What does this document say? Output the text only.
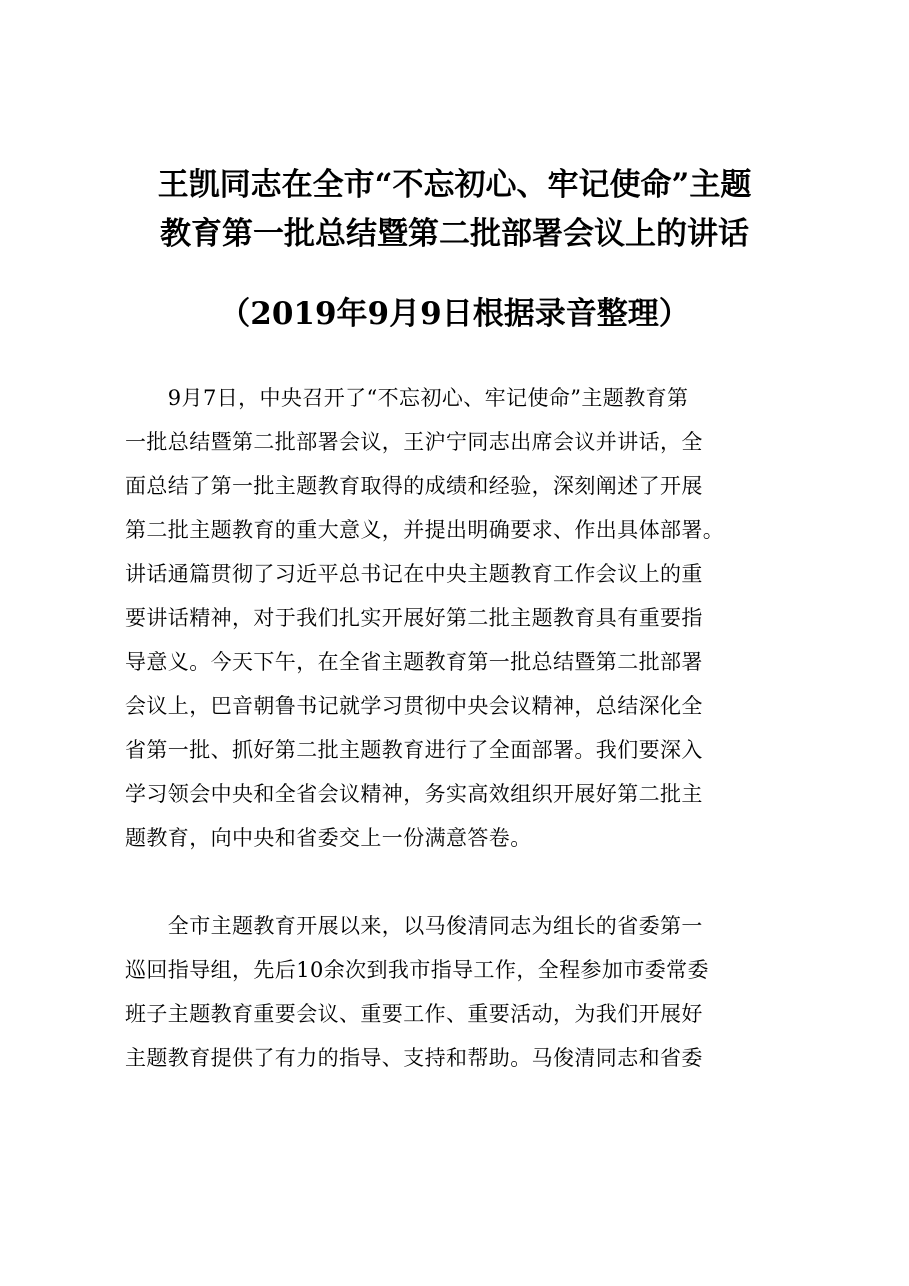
王凯同志在全市“不忘初心、牢记使命”主题
教育第一批总结暨第二批部署会议上的讲话
（2019年9月9日根据录音整理）
　　9月7日，中央召开了“不忘初心、牢记使命”主题教育第
一批总结暨第二批部署会议，王沪宁同志出席会议并讲话，全
面总结了第一批主题教育取得的成绩和经验，深刻阐述了开展
第二批主题教育的重大意义，并提出明确要求、作出具体部署。
讲话通篇贯彻了习近平总书记在中央主题教育工作会议上的重
要讲话精神，对于我们扎实开展好第二批主题教育具有重要指
导意义。今天下午，在全省主题教育第一批总结暨第二批部署
会议上，巴音朝鲁书记就学习贯彻中央会议精神，总结深化全
省第一批、抓好第二批主题教育进行了全面部署。我们要深入
学习领会中央和全省会议精神，务实高效组织开展好第二批主
题教育，向中央和省委交上一份满意答卷。
　　全市主题教育开展以来，以马俊清同志为组长的省委第一
巡回指导组，先后10余次到我市指导工作，全程参加市委常委
班子主题教育重要会议、重要工作、重要活动，为我们开展好
主题教育提供了有力的指导、支持和帮助。马俊清同志和省委
